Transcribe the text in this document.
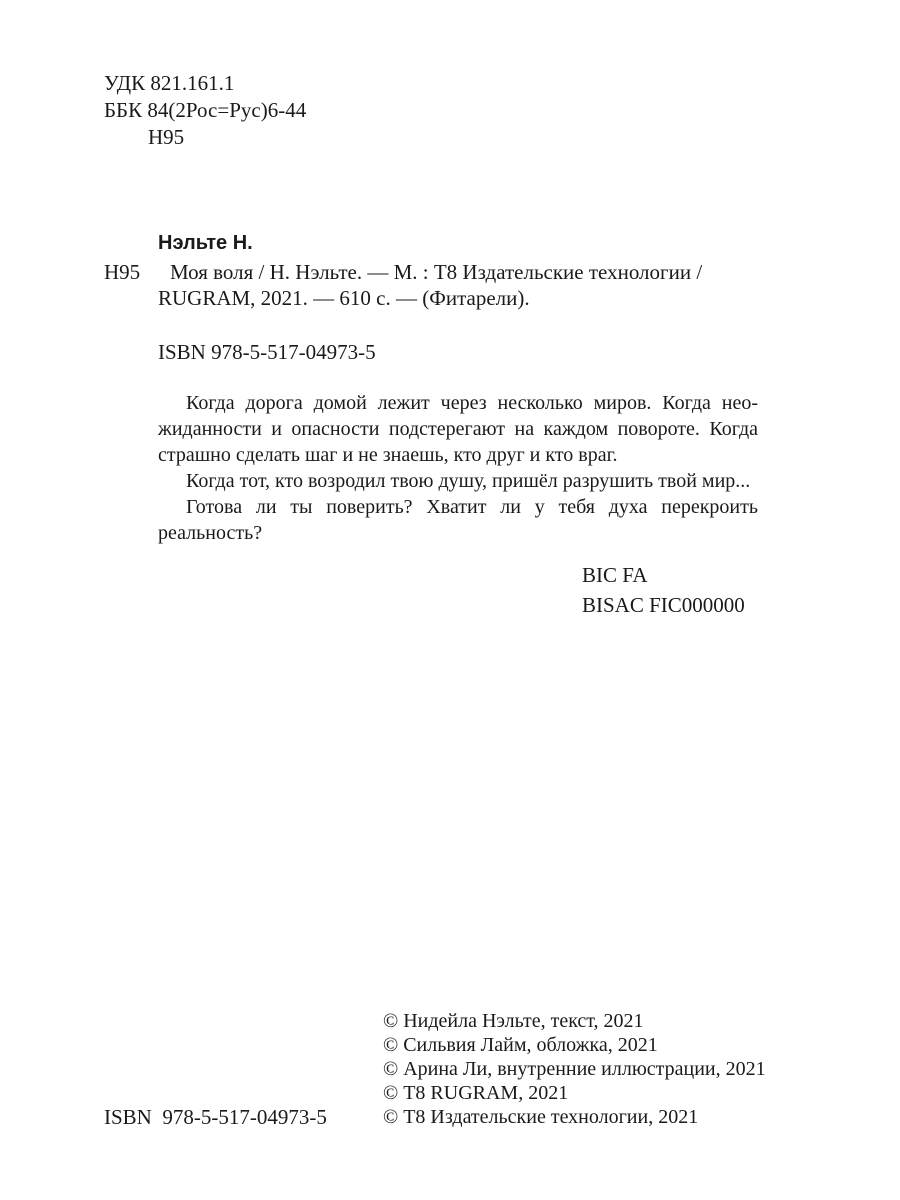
УДК 821.161.1
ББК 84(2Рос=Рус)6-44
Н95
Нэльте Н.
Н95 Моя воля / Н. Нэльте. — М. : Т8 Издательские технологии /
RUGRAM, 2021. — 610 с. — (Фитарели).
ISBN 978-5-517-04973-5

Когда дорога домой лежит через несколько миров. Когда нео-жиданности и опасности подстерегают на каждом повороте. Когда страшно сделать шаг и не знаешь, кто друг и кто враг.

Когда тот, кто возродил твою душу, пришёл разрушить твой мир...

Готова ли ты поверить? Хватит ли у тебя духа перекроить реальность?

BIC FA
BISAC FIC000000
ISBN  978-5-517-04973-5
© Нидейла Нэльте, текст, 2021
© Сильвия Лайм, обложка, 2021
© Арина Ли, внутренние иллюстрации, 2021
© Т8 RUGRAM, 2021
© Т8 Издательские технологии, 2021
